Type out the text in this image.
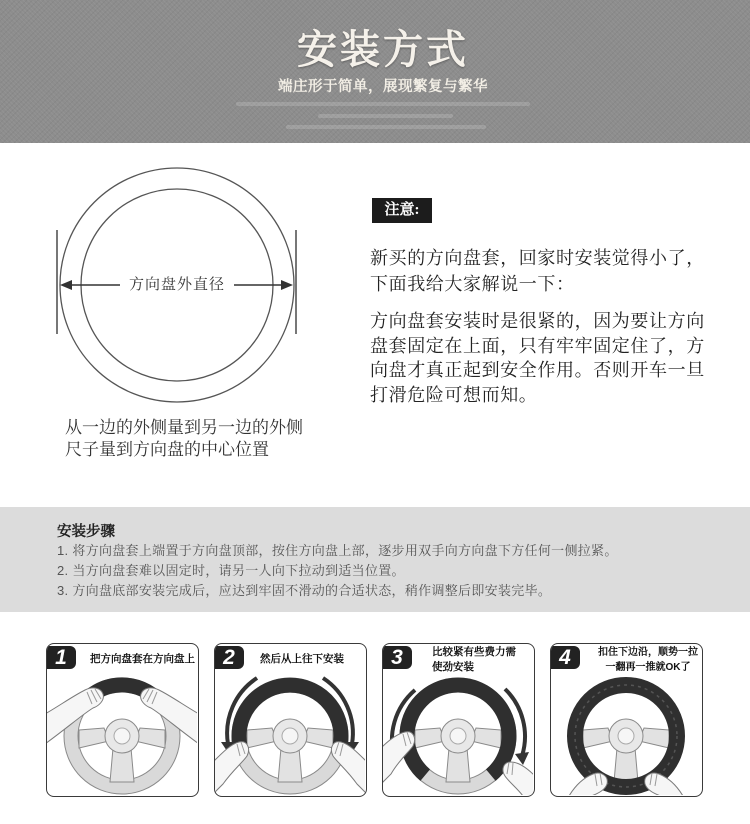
安装方式
端庄形于简单，展现繁复与繁华
方向盘外直径
从一边的外侧量到另一边的外侧
尺子量到方向盘的中心位置
注意:
新买的方向盘套，回家时安装觉得小了，
下面我给大家解说一下：
方向盘套安装时是很紧的，因为要让方向
盘套固定在上面，只有牢牢固定住了，方
向盘才真正起到安全作用。否则开车一旦
打滑危险可想而知。
安装步骤
1. 将方向盘套上端置于方向盘顶部，按住方向盘上部，逐步用双手向方向盘下方任何一侧拉紧。
2. 当方向盘套难以固定时，请另一人向下拉动到适当位置。
3. 方向盘底部安装完成后，应达到牢固不滑动的合适状态，稍作调整后即安装完毕。
1	把方向盘套在方向盘上	2	然后从上往下安装	3	比较紧有些费力需
使劲安装	4	扣住下边沿，顺势一拉
一翻再一推就OK了
